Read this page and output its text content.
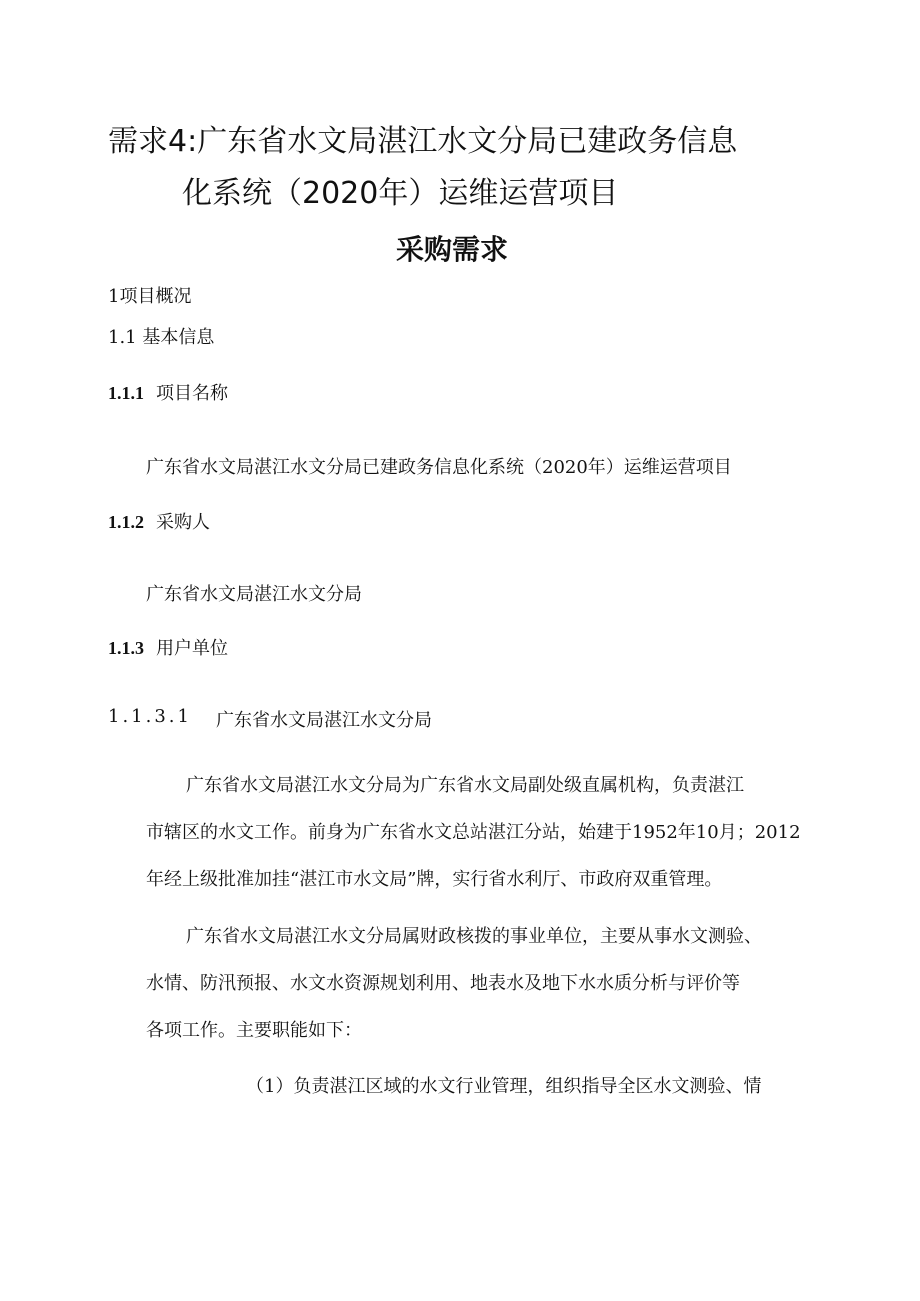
需求4:广东省水文局湛江水文分局已建政务信息
化系统（2020年）运维运营项目
采购需求
1项目概况
1.1 基本信息
1.1.1 项目名称
广东省水文局湛江水文分局已建政务信息化系统（2020年）运维运营项目
1.1.2 采购人
广东省水文局湛江水文分局
1.1.3 用户单位
1.1.3.1 广东省水文局湛江水文分局

广东省水文局湛江水文分局为广东省水文局副处级直属机构，负责湛江
市辖区的水文工作。前身为广东省水文总站湛江分站，始建于1952年10月；2012
年经上级批准加挂“湛江市水文局”牌，实行省水利厅、市政府双重管理。

广东省水文局湛江水文分局属财政核拨的事业单位，主要从事水文测验、
水情、防汛预报、水文水资源规划利用、地表水及地下水水质分析与评价等
各项工作。主要职能如下：

（1）负责湛江区域的水文行业管理，组织指导全区水文测验、情
